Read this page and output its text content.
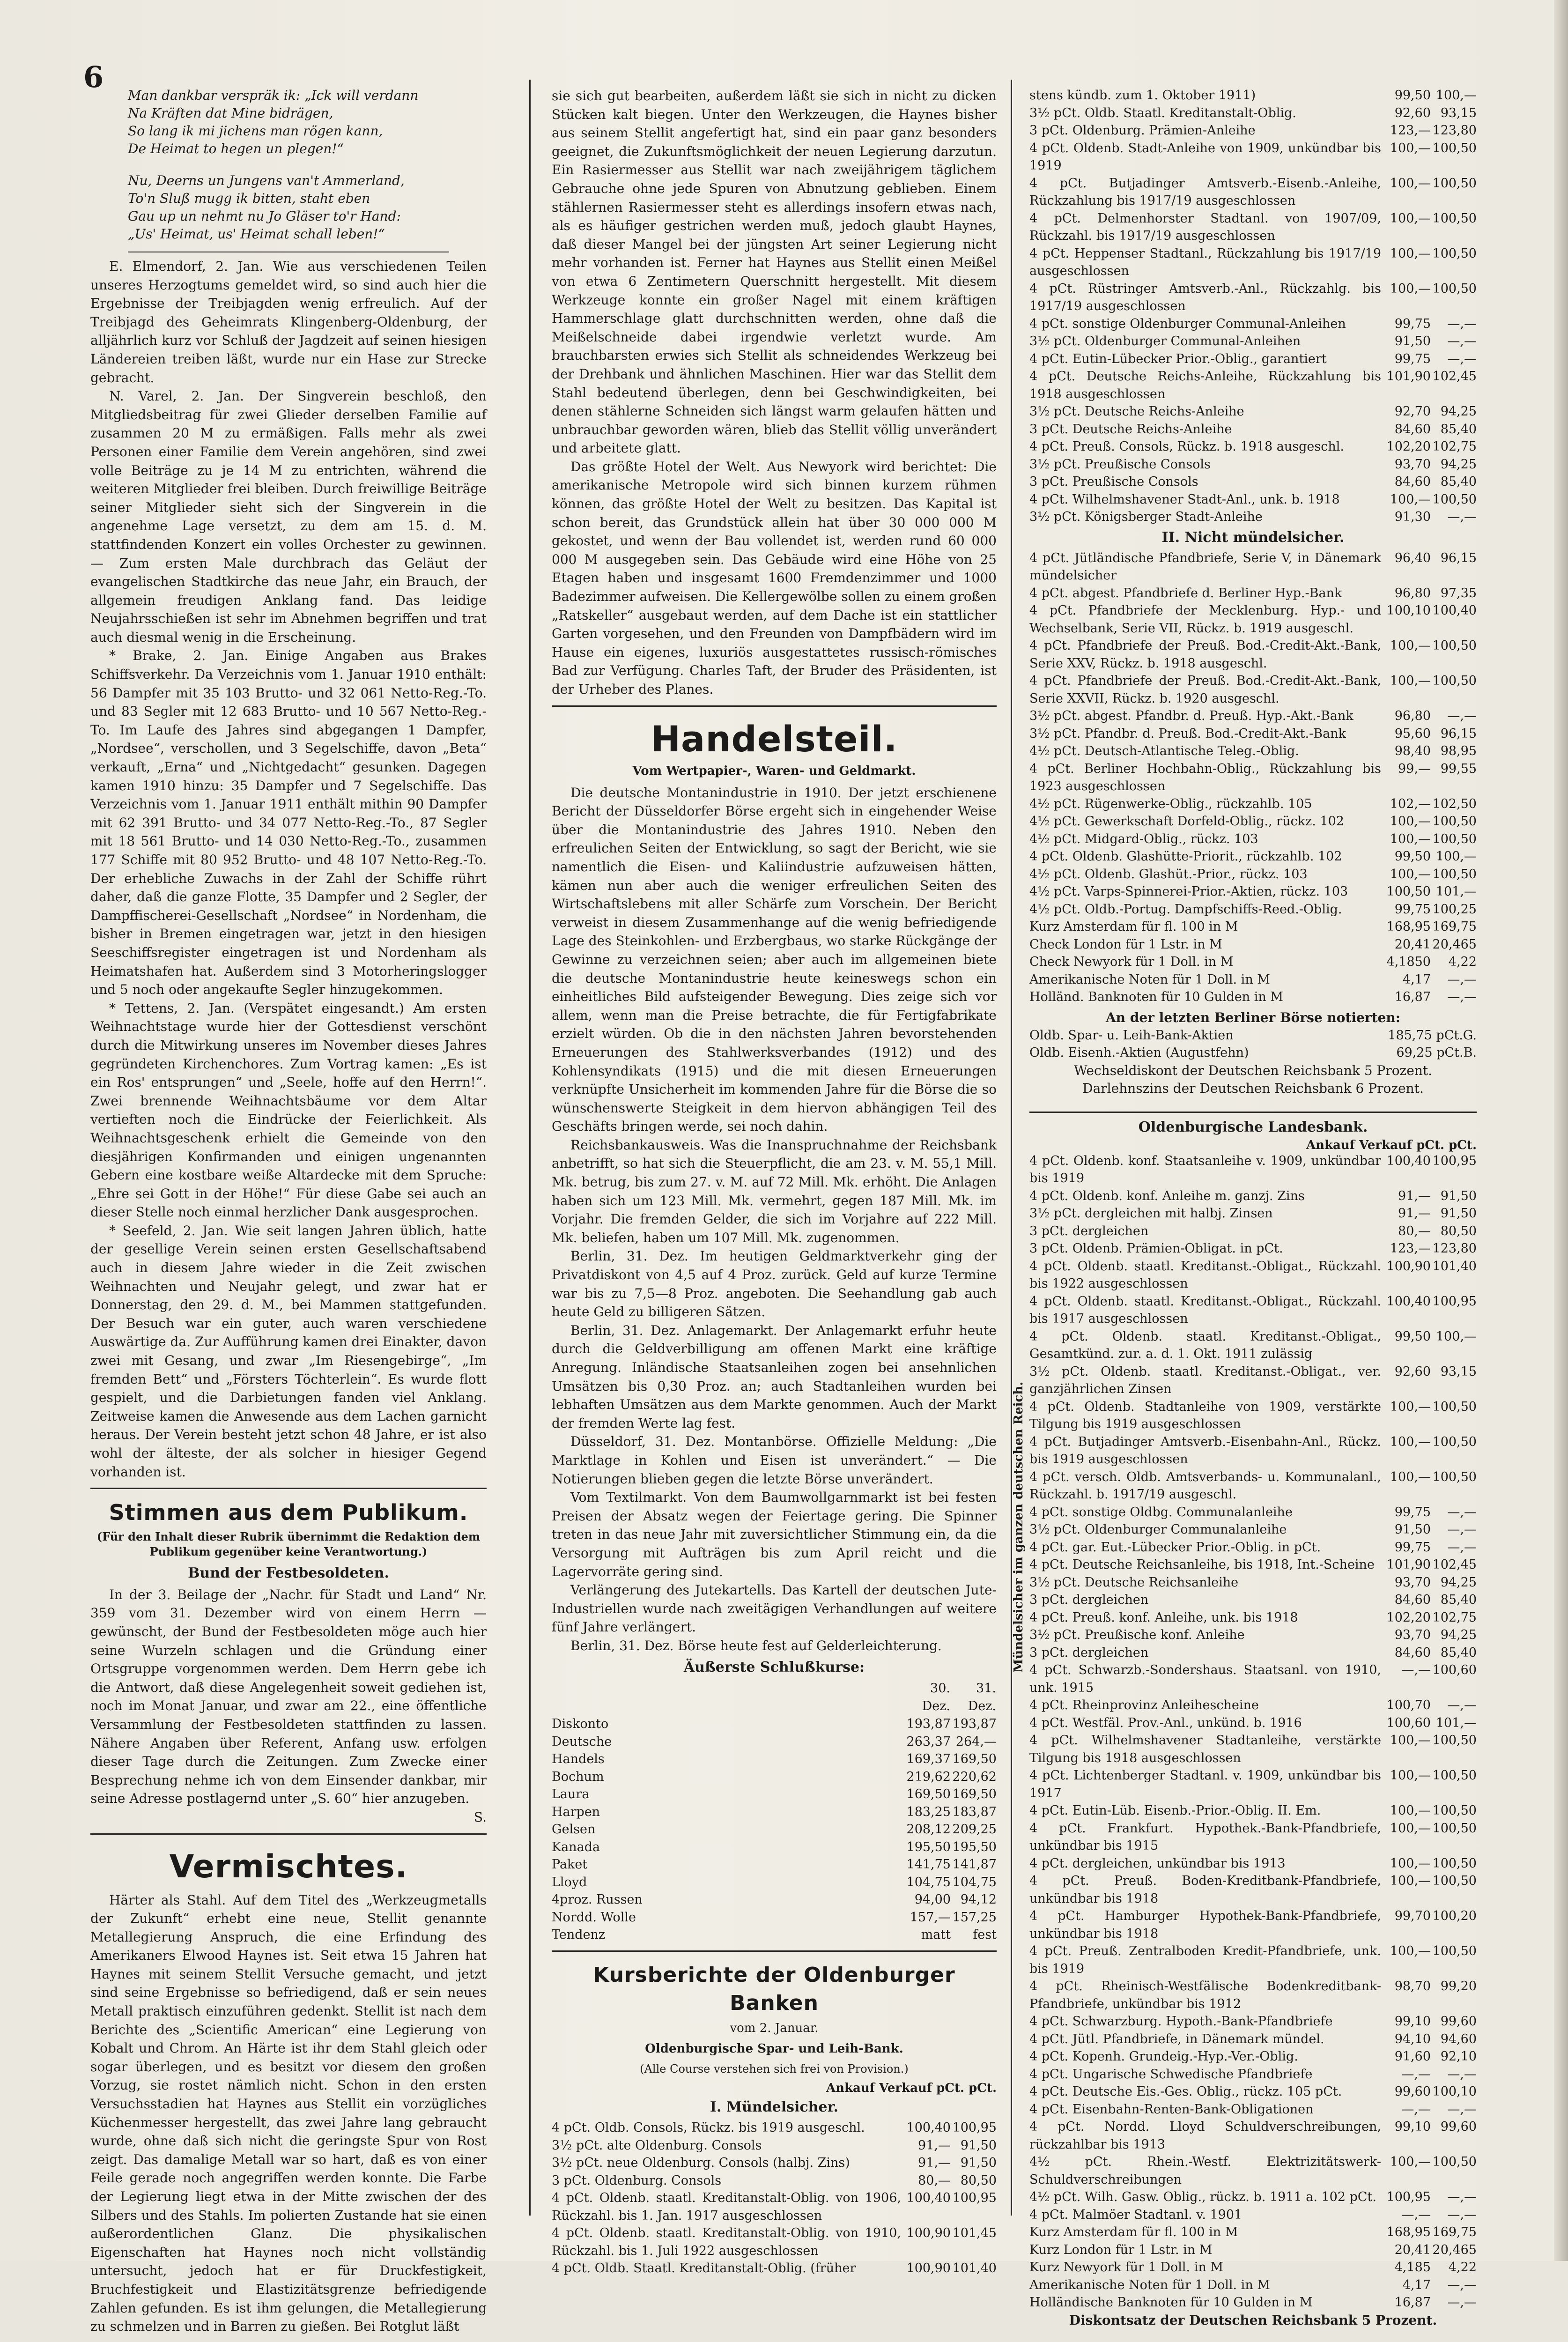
6
Man dankbar verspräk ik: „Ick will verdann
Na Kräften dat Mine bidrägen,
So lang ik mi jichens man rögen kann,
De Heimat to hegen un plegen!“
Nu, Deerns un Jungens van't Ammerland,
To'n Sluß mugg ik bitten, staht eben
Gau up un nehmt nu Jo Gläser to'r Hand:
„Us' Heimat, us' Heimat schall leben!“

E. Elmendorf, 2. Jan. Wie aus verschiedenen Teilen unseres Herzogtums gemeldet wird, so sind auch hier die Ergebnisse der Treibjagden wenig erfreulich. Auf der Treibjagd des Geheimrats Klingenberg-Oldenburg, der alljährlich kurz vor Schluß der Jagdzeit auf seinen hiesigen Ländereien treiben läßt, wurde nur ein Hase zur Strecke gebracht.

N. Varel, 2. Jan. Der Singverein beschloß, den Mitgliedsbeitrag für zwei Glieder derselben Familie auf zusammen 20 M zu ermäßigen. Falls mehr als zwei Personen einer Familie dem Verein angehören, sind zwei volle Beiträge zu je 14 M zu entrichten, während die weiteren Mitglieder frei bleiben. Durch freiwillige Beiträge seiner Mitglieder sieht sich der Singverein in die angenehme Lage versetzt, zu dem am 15. d. M. stattfindenden Konzert ein volles Orchester zu gewinnen. — Zum ersten Male durchbrach das Geläut der evangelischen Stadtkirche das neue Jahr, ein Brauch, der allgemein freudigen Anklang fand. Das leidige Neujahrsschießen ist sehr im Abnehmen begriffen und trat auch diesmal wenig in die Erscheinung.

* Brake, 2. Jan. Einige Angaben aus Brakes Schiffsverkehr. Da Verzeichnis vom 1. Januar 1910 enthält: 56 Dampfer mit 35 103 Brutto- und 32 061 Netto-Reg.-To. und 83 Segler mit 12 683 Brutto- und 10 567 Netto-Reg.-To. Im Laufe des Jahres sind abgegangen 1 Dampfer, „Nordsee“, verschollen, und 3 Segelschiffe, davon „Beta“ verkauft, „Erna“ und „Nichtgedacht“ gesunken. Dagegen kamen 1910 hinzu: 35 Dampfer und 7 Segelschiffe. Das Verzeichnis vom 1. Januar 1911 enthält mithin 90 Dampfer mit 62 391 Brutto- und 34 077 Netto-Reg.-To., 87 Segler mit 18 561 Brutto- und 14 030 Netto-Reg.-To., zusammen 177 Schiffe mit 80 952 Brutto- und 48 107 Netto-Reg.-To. Der erhebliche Zuwachs in der Zahl der Schiffe rührt daher, daß die ganze Flotte, 35 Dampfer und 2 Segler, der Dampffischerei-Gesellschaft „Nordsee“ in Nordenham, die bisher in Bremen eingetragen war, jetzt in den hiesigen Seeschiffsregister eingetragen ist und Nordenham als Heimatshafen hat. Außerdem sind 3 Motorheringslogger und 5 noch oder angekaufte Segler hinzugekommen.

* Tettens, 2. Jan. (Verspätet eingesandt.) Am ersten Weihnachtstage wurde hier der Gottesdienst verschönt durch die Mitwirkung unseres im November dieses Jahres gegründeten Kirchenchores. Zum Vortrag kamen: „Es ist ein Ros' entsprungen“ und „Seele, hoffe auf den Herrn!“. Zwei brennende Weihnachtsbäume vor dem Altar vertieften noch die Eindrücke der Feierlichkeit. Als Weihnachtsgeschenk erhielt die Gemeinde von den diesjährigen Konfirmanden und einigen ungenannten Gebern eine kostbare weiße Altardecke mit dem Spruche: „Ehre sei Gott in der Höhe!“ Für diese Gabe sei auch an dieser Stelle noch einmal herzlicher Dank ausgesprochen.

* Seefeld, 2. Jan. Wie seit langen Jahren üblich, hatte der gesellige Verein seinen ersten Gesellschaftsabend auch in diesem Jahre wieder in die Zeit zwischen Weihnachten und Neujahr gelegt, und zwar hat er Donnerstag, den 29. d. M., bei Mammen stattgefunden. Der Besuch war ein guter, auch waren verschiedene Auswärtige da. Zur Aufführung kamen drei Einakter, davon zwei mit Gesang, und zwar „Im Riesengebirge“, „Im fremden Bett“ und „Försters Töchterlein“. Es wurde flott gespielt, und die Darbietungen fanden viel Anklang. Zeitweise kamen die Anwesende aus dem Lachen garnicht heraus. Der Verein besteht jetzt schon 48 Jahre, er ist also wohl der älteste, der als solcher in hiesiger Gegend vorhanden ist.

Stimmen aus dem Publikum.
(Für den Inhalt dieser Rubrik übernimmt die Redaktion dem Publikum gegenüber keine Verantwortung.)
Bund der Festbesoldeten.

In der 3. Beilage der „Nachr. für Stadt und Land“ Nr. 359 vom 31. Dezember wird von einem Herrn — gewünscht, der Bund der Festbesoldeten möge auch hier seine Wurzeln schlagen und die Gründung einer Ortsgruppe vorgenommen werden. Dem Herrn gebe ich die Antwort, daß diese Angelegenheit soweit gediehen ist, noch im Monat Januar, und zwar am 22., eine öffentliche Versammlung der Festbesoldeten stattfinden zu lassen. Nähere Angaben über Referent, Anfang usw. erfolgen dieser Tage durch die Zeitungen. Zum Zwecke einer Besprechung nehme ich von dem Einsender dankbar, mir seine Adresse postlagernd unter „S. 60“ hier anzugeben.

S.
Vermischtes.

Härter als Stahl. Auf dem Titel des „Werkzeugmetalls der Zukunft“ erhebt eine neue, Stellit genannte Metallegierung Anspruch, die eine Erfindung des Amerikaners Elwood Haynes ist. Seit etwa 15 Jahren hat Haynes mit seinem Stellit Versuche gemacht, und jetzt sind seine Ergebnisse so befriedigend, daß er sein neues Metall praktisch einzuführen gedenkt. Stellit ist nach dem Berichte des „Scientific American“ eine Legierung von Kobalt und Chrom. An Härte ist ihr dem Stahl gleich oder sogar überlegen, und es besitzt vor diesem den großen Vorzug, sie rostet nämlich nicht. Schon in den ersten Versuchsstadien hat Haynes aus Stellit ein vorzügliches Küchenmesser hergestellt, das zwei Jahre lang gebraucht wurde, ohne daß sich nicht die geringste Spur von Rost zeigt. Das damalige Metall war so hart, daß es von einer Feile gerade noch angegriffen werden konnte. Die Farbe der Legierung liegt etwa in der Mitte zwischen der des Silbers und des Stahls. Im polierten Zustande hat sie einen außerordentlichen Glanz. Die physikalischen Eigenschaften hat Haynes noch nicht vollständig untersucht, jedoch hat er für Druckfestigkeit, Bruchfestigkeit und Elastizitätsgrenze befriedigende Zahlen gefunden. Es ist ihm gelungen, die Metallegierung zu schmelzen und in Barren zu gießen. Bei Rotglut läßt

sie sich gut bearbeiten, außerdem läßt sie sich in nicht zu dicken Stücken kalt biegen. Unter den Werkzeugen, die Haynes bisher aus seinem Stellit angefertigt hat, sind ein paar ganz besonders geeignet, die Zukunftsmöglichkeit der neuen Legierung darzutun. Ein Rasiermesser aus Stellit war nach zweijährigem täglichem Gebrauche ohne jede Spuren von Abnutzung geblieben. Einem stählernen Rasiermesser steht es allerdings insofern etwas nach, als es häufiger gestrichen werden muß, jedoch glaubt Haynes, daß dieser Mangel bei der jüngsten Art seiner Legierung nicht mehr vorhanden ist. Ferner hat Haynes aus Stellit einen Meißel von etwa 6 Zentimetern Querschnitt hergestellt. Mit diesem Werkzeuge konnte ein großer Nagel mit einem kräftigen Hammerschlage glatt durchschnitten werden, ohne daß die Meißelschneide dabei irgendwie verletzt wurde. Am brauchbarsten erwies sich Stellit als schneidendes Werkzeug bei der Drehbank und ähnlichen Maschinen. Hier war das Stellit dem Stahl bedeutend überlegen, denn bei Geschwindigkeiten, bei denen stählerne Schneiden sich längst warm gelaufen hätten und unbrauchbar geworden wären, blieb das Stellit völlig unverändert und arbeitete glatt.

Das größte Hotel der Welt. Aus Newyork wird berichtet: Die amerikanische Metropole wird sich binnen kurzem rühmen können, das größte Hotel der Welt zu besitzen. Das Kapital ist schon bereit, das Grundstück allein hat über 30 000 000 M gekostet, und wenn der Bau vollendet ist, werden rund 60 000 000 M ausgegeben sein. Das Gebäude wird eine Höhe von 25 Etagen haben und insgesamt 1600 Fremdenzimmer und 1000 Badezimmer aufweisen. Die Kellergewölbe sollen zu einem großen „Ratskeller“ ausgebaut werden, auf dem Dache ist ein stattlicher Garten vorgesehen, und den Freunden von Dampfbädern wird im Hause ein eigenes, luxuriös ausgestattetes russisch-römisches Bad zur Verfügung. Charles Taft, der Bruder des Präsidenten, ist der Urheber des Planes.

Handelsteil.
Vom Wertpapier-, Waren- und Geldmarkt.

Die deutsche Montanindustrie in 1910. Der jetzt erschienene Bericht der Düsseldorfer Börse ergeht sich in eingehender Weise über die Montanindustrie des Jahres 1910. Neben den erfreulichen Seiten der Entwicklung, so sagt der Bericht, wie sie namentlich die Eisen- und Kaliindustrie aufzuweisen hätten, kämen nun aber auch die weniger erfreulichen Seiten des Wirtschaftslebens mit aller Schärfe zum Vorschein. Der Bericht verweist in diesem Zusammenhange auf die wenig befriedigende Lage des Steinkohlen- und Erzbergbaus, wo starke Rückgänge der Gewinne zu verzeichnen seien; aber auch im allgemeinen biete die deutsche Montanindustrie heute keineswegs schon ein einheitliches Bild aufsteigender Bewegung. Dies zeige sich vor allem, wenn man die Preise betrachte, die für Fertigfabrikate erzielt würden. Ob die in den nächsten Jahren bevorstehenden Erneuerungen des Stahlwerksverbandes (1912) und des Kohlensyndikats (1915) und die mit diesen Erneuerungen verknüpfte Unsicherheit im kommenden Jahre für die Börse die so wünschenswerte Steigkeit in dem hiervon abhängigen Teil des Geschäfts bringen werde, sei noch dahin.

Reichsbankausweis. Was die Inanspruchnahme der Reichsbank anbetrifft, so hat sich die Steuerpflicht, die am 23. v. M. 55,1 Mill. Mk. betrug, bis zum 27. v. M. auf 72 Mill. Mk. erhöht. Die Anlagen haben sich um 123 Mill. Mk. vermehrt, gegen 187 Mill. Mk. im Vorjahr. Die fremden Gelder, die sich im Vorjahre auf 222 Mill. Mk. beliefen, haben um 107 Mill. Mk. zugenommen.

Berlin, 31. Dez. Im heutigen Geldmarktverkehr ging der Privatdiskont von 4,5 auf 4 Proz. zurück. Geld auf kurze Termine war bis zu 7,5—8 Proz. angeboten. Die Seehandlung gab auch heute Geld zu billigeren Sätzen.

Berlin, 31. Dez. Anlagemarkt. Der Anlagemarkt erfuhr heute durch die Geldverbilligung am offenen Markt eine kräftige Anregung. Inländische Staatsanleihen zogen bei ansehnlichen Umsätzen bis 0,30 Proz. an; auch Stadtanleihen wurden bei lebhaften Umsätzen aus dem Markte genommen. Auch der Markt der fremden Werte lag fest.

Düsseldorf, 31. Dez. Montanbörse. Offizielle Meldung: „Die Marktlage in Kohlen und Eisen ist unverändert.“ — Die Notierungen blieben gegen die letzte Börse unverändert.

Vom Textilmarkt. Von dem Baumwollgarnmarkt ist bei festen Preisen der Absatz wegen der Feiertage gering. Die Spinner treten in das neue Jahr mit zuversichtlicher Stimmung ein, da die Versorgung mit Aufträgen bis zum April reicht und die Lagervorräte gering sind.

Verlängerung des Jutekartells. Das Kartell der deutschen Jute-Industriellen wurde nach zweitägigen Verhandlungen auf weitere fünf Jahre verlängert.

Berlin, 31. Dez. Börse heute fest auf Gelderleichterung.

Äußerste Schlußkurse:
	30. Dez.	31. Dez.
Diskonto	193,87	193,87
Deutsche	263,37	264,—
Handels	169,37	169,50
Bochum	219,62	220,62
Laura	169,50	169,50
Harpen	183,25	183,87
Gelsen	208,12	209,25
Kanada	195,50	195,50
Paket	141,75	141,87
Lloyd	104,75	104,75
4proz. Russen	94,00	94,12
Nordd. Wolle	157,—	157,25
Tendenz	matt	fest
Kursberichte der Oldenburger Banken
vom 2. Januar.
Oldenburgische Spar- und Leih-Bank.
(Alle Course verstehen sich frei von Provision.)
Ankauf Verkauf pCt. pCt.
I. Mündelsicher.
4 pCt. Oldb. Consols, Rückz. bis 1919 ausgeschl.	100,40	100,95
3½ pCt. alte Oldenburg. Consols	91,—	91,50
3½ pCt. neue Oldenburg. Consols (halbj. Zins)	91,—	91,50
3 pCt. Oldenburg. Consols	80,—	80,50
4 pCt. Oldenb. staatl. Kreditanstalt-Oblig. von 1906, Rückzahl. bis 1. Jan. 1917 ausgeschlossen	100,40	100,95
4 pCt. Oldenb. staatl. Kreditanstalt-Oblig. von 1910, Rückzahl. bis 1. Juli 1922 ausgeschlossen	100,90	101,45
4 pCt. Oldb. Staatl. Kreditanstalt-Oblig. (früher	100,90	101,40
stens kündb. zum 1. Oktober 1911)	99,50	100,—
3½ pCt. Oldb. Staatl. Kreditanstalt-Oblig.	92,60	93,15
3 pCt. Oldenburg. Prämien-Anleihe	123,—	123,80
4 pCt. Oldenb. Stadt-Anleihe von 1909, unkündbar bis 1919	100,—	100,50
4 pCt. Butjadinger Amtsverb.-Eisenb.-Anleihe, Rückzahlung bis 1917/19 ausgeschlossen	100,—	100,50
4 pCt. Delmenhorster Stadtanl. von 1907/09, Rückzahl. bis 1917/19 ausgeschlossen	100,—	100,50
4 pCt. Heppenser Stadtanl., Rückzahlung bis 1917/19 ausgeschlossen	100,—	100,50
4 pCt. Rüstringer Amtsverb.-Anl., Rückzahlg. bis 1917/19 ausgeschlossen	100,—	100,50
4 pCt. sonstige Oldenburger Communal-Anleihen	99,75	—,—
3½ pCt. Oldenburger Communal-Anleihen	91,50	—,—
4 pCt. Eutin-Lübecker Prior.-Oblig., garantiert	99,75	—,—
4 pCt. Deutsche Reichs-Anleihe, Rückzahlung bis 1918 ausgeschlossen	101,90	102,45
3½ pCt. Deutsche Reichs-Anleihe	92,70	94,25
3 pCt. Deutsche Reichs-Anleihe	84,60	85,40
4 pCt. Preuß. Consols, Rückz. b. 1918 ausgeschl.	102,20	102,75
3½ pCt. Preußische Consols	93,70	94,25
3 pCt. Preußische Consols	84,60	85,40
4 pCt. Wilhelmshavener Stadt-Anl., unk. b. 1918	100,—	100,50
3½ pCt. Königsberger Stadt-Anleihe	91,30	—,—
II. Nicht mündelsicher.
4 pCt. Jütländische Pfandbriefe, Serie V, in Dänemark mündelsicher	96,40	96,15
4 pCt. abgest. Pfandbriefe d. Berliner Hyp.-Bank	96,80	97,35
4 pCt. Pfandbriefe der Mecklenburg. Hyp.- und Wechselbank, Serie VII, Rückz. b. 1919 ausgeschl.	100,10	100,40
4 pCt. Pfandbriefe der Preuß. Bod.-Credit-Akt.-Bank, Serie XXV, Rückz. b. 1918 ausgeschl.	100,—	100,50
4 pCt. Pfandbriefe der Preuß. Bod.-Credit-Akt.-Bank, Serie XXVII, Rückz. b. 1920 ausgeschl.	100,—	100,50
3½ pCt. abgest. Pfandbr. d. Preuß. Hyp.-Akt.-Bank	96,80	—,—
3½ pCt. Pfandbr. d. Preuß. Bod.-Credit-Akt.-Bank	95,60	96,15
4½ pCt. Deutsch-Atlantische Teleg.-Oblig.	98,40	98,95
4 pCt. Berliner Hochbahn-Oblig., Rückzahlung bis 1923 ausgeschlossen	99,—	99,55
4½ pCt. Rügenwerke-Oblig., rückzahlb. 105	102,—	102,50
4½ pCt. Gewerkschaft Dorfeld-Oblig., rückz. 102	100,—	100,50
4½ pCt. Midgard-Oblig., rückz. 103	100,—	100,50
4 pCt. Oldenb. Glashütte-Priorit., rückzahlb. 102	99,50	100,—
4½ pCt. Oldenb. Glashüt.-Prior., rückz. 103	100,—	100,50
4½ pCt. Varps-Spinnerei-Prior.-Aktien, rückz. 103	100,50	101,—
4½ pCt. Oldb.-Portug. Dampfschiffs-Reed.-Oblig.	99,75	100,25
Kurz Amsterdam für fl. 100 in M	168,95	169,75
Check London für 1 Lstr. in M	20,41	20,465
Check Newyork für 1 Doll. in M	4,1850	4,22
Amerikanische Noten für 1 Doll. in M	4,17	—,—
Holländ. Banknoten für 10 Gulden in M	16,87	—,—
An der letzten Berliner Börse notierten:
Oldb. Spar- u. Leih-Bank-Aktien	185,75 pCt.G.
Oldb. Eisenh.-Aktien (Augustfehn)	69,25 pCt.B.
Wechseldiskont der Deutschen Reichsbank 5 Prozent.
Darlehnszins der Deutschen Reichsbank 6 Prozent.
Oldenburgische Landesbank.
Ankauf Verkauf pCt. pCt.
Mündelsicher im ganzen deutschen Reich.
4 pCt. Oldenb. konf. Staatsanleihe v. 1909, unkündbar bis 1919	100,40	100,95
4 pCt. Oldenb. konf. Anleihe m. ganzj. Zins	91,—	91,50
3½ pCt. dergleichen mit halbj. Zinsen	91,—	91,50
3 pCt. dergleichen	80,—	80,50
3 pCt. Oldenb. Prämien-Obligat. in pCt.	123,—	123,80
4 pCt. Oldenb. staatl. Kreditanst.-Obligat., Rückzahl. bis 1922 ausgeschlossen	100,90	101,40
4 pCt. Oldenb. staatl. Kreditanst.-Obligat., Rückzahl. bis 1917 ausgeschlossen	100,40	100,95
4 pCt. Oldenb. staatl. Kreditanst.-Obligat., Gesamtkünd. zur. a. d. 1. Okt. 1911 zulässig	99,50	100,—
3½ pCt. Oldenb. staatl. Kreditanst.-Obligat., ver. ganzjährlichen Zinsen	92,60	93,15
4 pCt. Oldenb. Stadtanleihe von 1909, verstärkte Tilgung bis 1919 ausgeschlossen	100,—	100,50
4 pCt. Butjadinger Amtsverb.-Eisenbahn-Anl., Rückz. bis 1919 ausgeschlossen	100,—	100,50
4 pCt. versch. Oldb. Amtsverbands- u. Kommunalanl., Rückzahl. b. 1917/19 ausgeschl.	100,—	100,50
4 pCt. sonstige Oldbg. Communalanleihe	99,75	—,—
3½ pCt. Oldenburger Communalanleihe	91,50	—,—
4 pCt. gar. Eut.-Lübecker Prior.-Oblig. in pCt.	99,75	—,—
4 pCt. Deutsche Reichsanleihe, bis 1918, Int.-Scheine	101,90	102,45
3½ pCt. Deutsche Reichsanleihe	93,70	94,25
3 pCt. dergleichen	84,60	85,40
4 pCt. Preuß. konf. Anleihe, unk. bis 1918	102,20	102,75
3½ pCt. Preußische konf. Anleihe	93,70	94,25
3 pCt. dergleichen	84,60	85,40
4 pCt. Schwarzb.-Sondershaus. Staatsanl. von 1910, unk. 1915	—,—	100,60
4 pCt. Rheinprovinz Anleihescheine	100,70	—,—
4 pCt. Westfäl. Prov.-Anl., unkünd. b. 1916	100,60	101,—
4 pCt. Wilhelmshavener Stadtanleihe, verstärkte Tilgung bis 1918 ausgeschlossen	100,—	100,50
4 pCt. Lichtenberger Stadtanl. v. 1909, unkündbar bis 1917	100,—	100,50
4 pCt. Eutin-Lüb. Eisenb.-Prior.-Oblig. II. Em.	100,—	100,50
4 pCt. Frankfurt. Hypothek.-Bank-Pfandbriefe, unkündbar bis 1915	100,—	100,50
4 pCt. dergleichen, unkündbar bis 1913	100,—	100,50
4 pCt. Preuß. Boden-Kreditbank-Pfandbriefe, unkündbar bis 1918	100,—	100,50
4 pCt. Hamburger Hypothek-Bank-Pfandbriefe, unkündbar bis 1918	99,70	100,20
4 pCt. Preuß. Zentralboden Kredit-Pfandbriefe, unk. bis 1919	100,—	100,50
4 pCt. Rheinisch-Westfälische Bodenkreditbank-Pfandbriefe, unkündbar bis 1912	98,70	99,20
4 pCt. Schwarzburg. Hypoth.-Bank-Pfandbriefe	99,10	99,60
4 pCt. Jütl. Pfandbriefe, in Dänemark mündel.	94,10	94,60
4 pCt. Kopenh. Grundeig.-Hyp.-Ver.-Oblig.	91,60	92,10
4 pCt. Ungarische Schwedische Pfandbriefe	—,—	—,—
4 pCt. Deutsche Eis.-Ges. Oblig., rückz. 105 pCt.	99,60	100,10
4 pCt. Eisenbahn-Renten-Bank-Obligationen	—,—	—,—
4 pCt. Nordd. Lloyd Schuldverschreibungen, rückzahlbar bis 1913	99,10	99,60
4½ pCt. Rhein.-Westf. Elektrizitätswerk-Schuldverschreibungen	100,—	100,50
4½ pCt. Wilh. Gasw. Oblig., rückz. b. 1911 a. 102 pCt.	100,95	—,—
4 pCt. Malmöer Stadtanl. v. 1901	—,—	—,—
Kurz Amsterdam für fl. 100 in M	168,95	169,75
Kurz London für 1 Lstr. in M	20,41	20,465
Kurz Newyork für 1 Doll. in M	4,185	4,22
Amerikanische Noten für 1 Doll. in M	4,17	—,—
Holländische Banknoten für 10 Gulden in M	16,87	—,—
Diskontsatz der Deutschen Reichsbank 5 Prozent.
